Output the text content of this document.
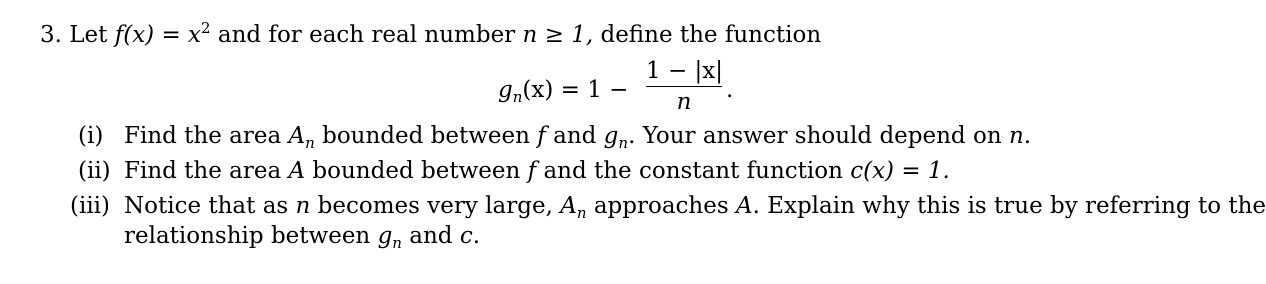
3. Let $f(x) = x^2$ and for each real number n ≥ 1, define the function
$g_n(x) = 1$ −
1 − |x|
n	.
(i) Find the area $A_n$ bounded between f and $g_n$. Your answer should depend on n.
(ii) Find the area A bounded between f and the constant function c(x) = 1.
(iii) Notice that as n becomes very large, $A_n$ approaches A. Explain why this is true by referring to the
relationship between $g_n$ and c.
